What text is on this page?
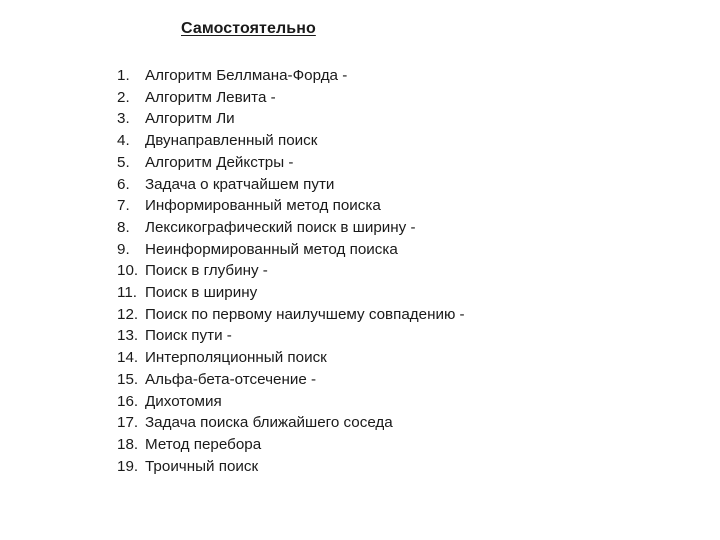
Самостоятельно
1. Алгоритм Беллмана-Форда -
2. Алгоритм Левита -
3. Алгоритм Ли
4. Двунаправленный поиск
5. Алгоритм Дейкстры -
6. Задача о кратчайшем пути
7. Информированный метод поиска
8. Лексикографический поиск в ширину -
9. Неинформированный метод поиска
10. Поиск в глубину -
11. Поиск в ширину
12. Поиск по первому наилучшему совпадению -
13. Поиск пути -
14. Интерполяционный поиск
15. Альфа-бета-отсечение -
16. Дихотомия
17. Задача поиска ближайшего соседа
18. Метод перебора
19. Троичный поиск
